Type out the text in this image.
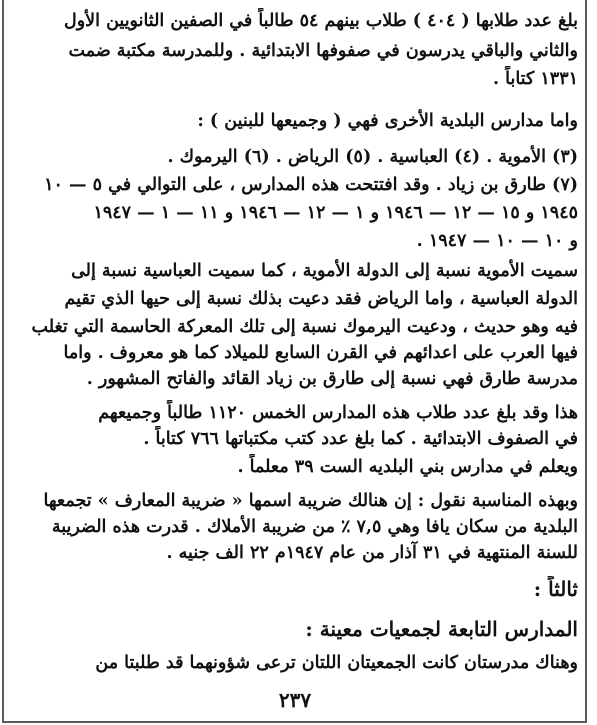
بلغ عدد طلابها ( ٤٠٤ ) طلاب بينهم ٥٤ طالباً في الصفين الثانويين الأول
والثاني والباقي يدرسون في صفوفها الابتدائية . وللمدرسة مكتبة ضمت
١٣٣١ كتاباً .
واما مدارس البلدية الأخرى فهي ( وجميعها للبنين ) :
(٣) الأموية . (٤) العباسية . (٥) الرياض . (٦) اليرموك .
(٧) طارق بن زياد . وقد افتتحت هذه المدارس ، على التوالي في ٥ — ١٠
١٩٤٥ و ١٥ — ١٢ — ١٩٤٦ و ١ — ١٢ — ١٩٤٦ و ١١ — ١ — ١٩٤٧
و ١٠ — ١٠ — ١٩٤٧ .
سميت الأموية نسبة إلى الدولة الأموية ، كما سميت العباسية نسبة إلى
الدولة العباسية ، واما الرياض فقد دعيت بذلك نسبة إلى حيها الذي تقيم
فيه وهو حديث ، ودعيت اليرموك نسبة إلى تلك المعركة الحاسمة التي تغلب
فيها العرب على اعدائهم في القرن السابع للميلاد كما هو معروف . واما
مدرسة طارق فهي نسبة إلى طارق بن زياد القائد والفاتح المشهور .
هذا وقد بلغ عدد طلاب هذه المدارس الخمس ١١٢٠ طالباً وجميعهم
في الصفوف الابتدائية . كما بلغ عدد كتب مكتباتها ٧٦٦ كتاباً .
ويعلم في مدارس بني البلديه الست ٣٩ معلماً .
وبهذه المناسبة نقول : إن هنالك ضريبة اسمها « ضريبة المعارف » تجمعها
البلدية من سكان يافا وهي ٧,٥ ٪ من ضريبة الأملاك . قدرت هذه الضريبة
للسنة المنتهية في ٣١ آذار من عام ١٩٤٧م ٢٢ الف جنيه .
ثالثاً :
المدارس التابعة لجمعيات معينة :
وهناك مدرستان كانت الجمعيتان اللتان ترعى شؤونهما قد طلبتا من
٢٣٧
